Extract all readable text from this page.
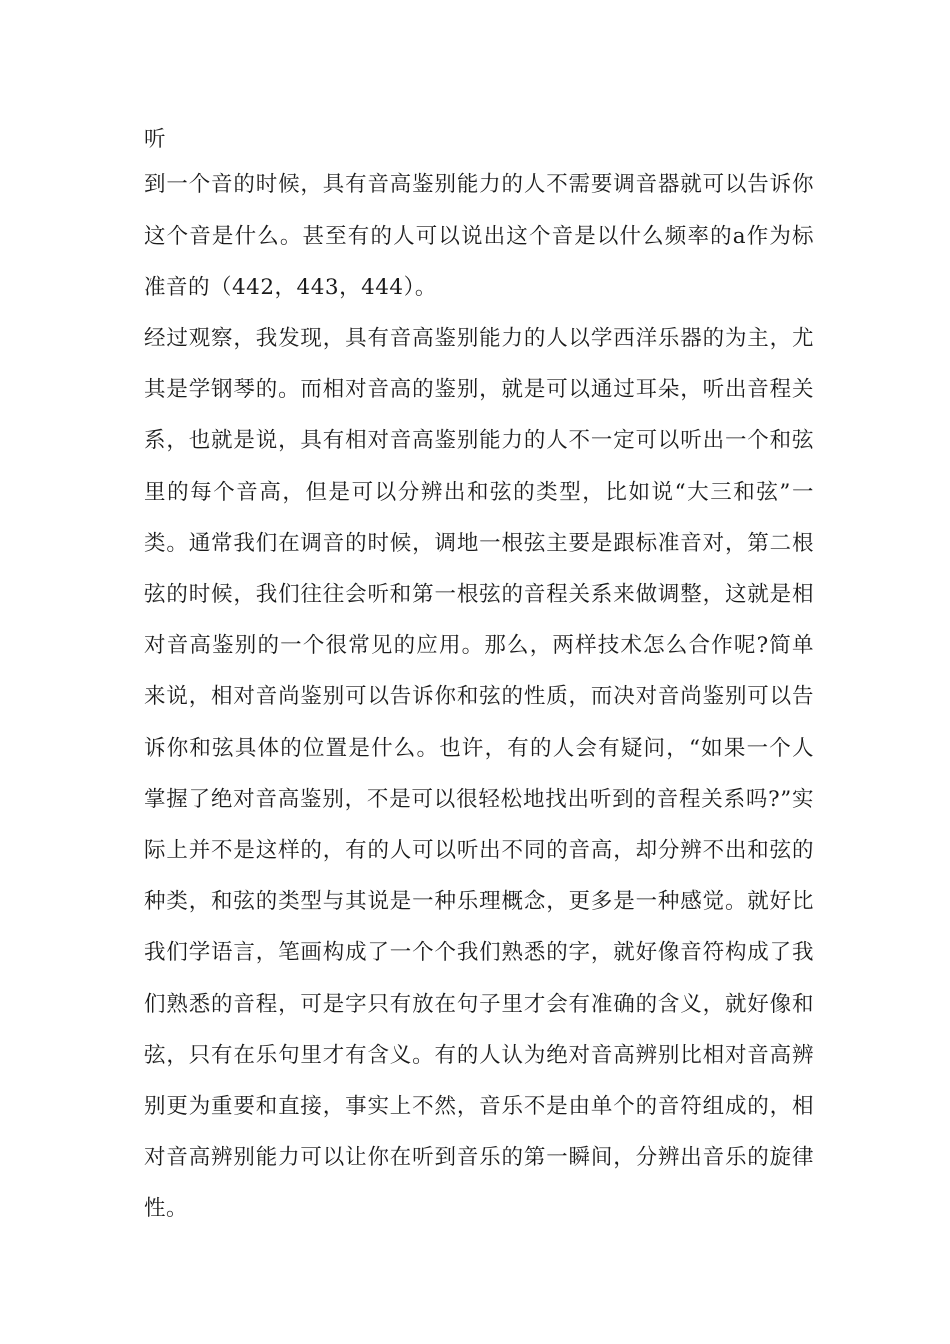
听

到一个音的时候，具有音高鉴别能力的人不需要调音器就可以告诉你这个音是什么。甚至有的人可以说出这个音是以什么频率的a作为标准音的（442，443，444）。

经过观察，我发现，具有音高鉴别能力的人以学西洋乐器的为主，尤其是学钢琴的。而相对音高的鉴别，就是可以通过耳朵，听出音程关系，也就是说，具有相对音高鉴别能力的人不一定可以听出一个和弦里的每个音高，但是可以分辨出和弦的类型，比如说“大三和弦”一类。通常我们在调音的时候，调地一根弦主要是跟标准音对，第二根弦的时候，我们往往会听和第一根弦的音程关系来做调整，这就是相对音高鉴别的一个很常见的应用。那么，两样技术怎么合作呢?简单来说，相对音尚鉴别可以告诉你和弦的性质，而决对音尚鉴别可以告诉你和弦具体的位置是什么。也许，有的人会有疑问，“如果一个人掌握了绝对音高鉴别，不是可以很轻松地找出听到的音程关系吗?”实际上并不是这样的，有的人可以听出不同的音高，却分辨不出和弦的种类，和弦的类型与其说是一种乐理概念，更多是一种感觉。就好比我们学语言，笔画构成了一个个我们熟悉的字，就好像音符构成了我们熟悉的音程，可是字只有放在句子里才会有准确的含义，就好像和弦，只有在乐句里才有含义。有的人认为绝对音高辨别比相对音高辨别更为重要和直接，事实上不然，音乐不是由单个的音符组成的，相对音高辨别能力可以让你在听到音乐的第一瞬间，分辨出音乐的旋律性。
